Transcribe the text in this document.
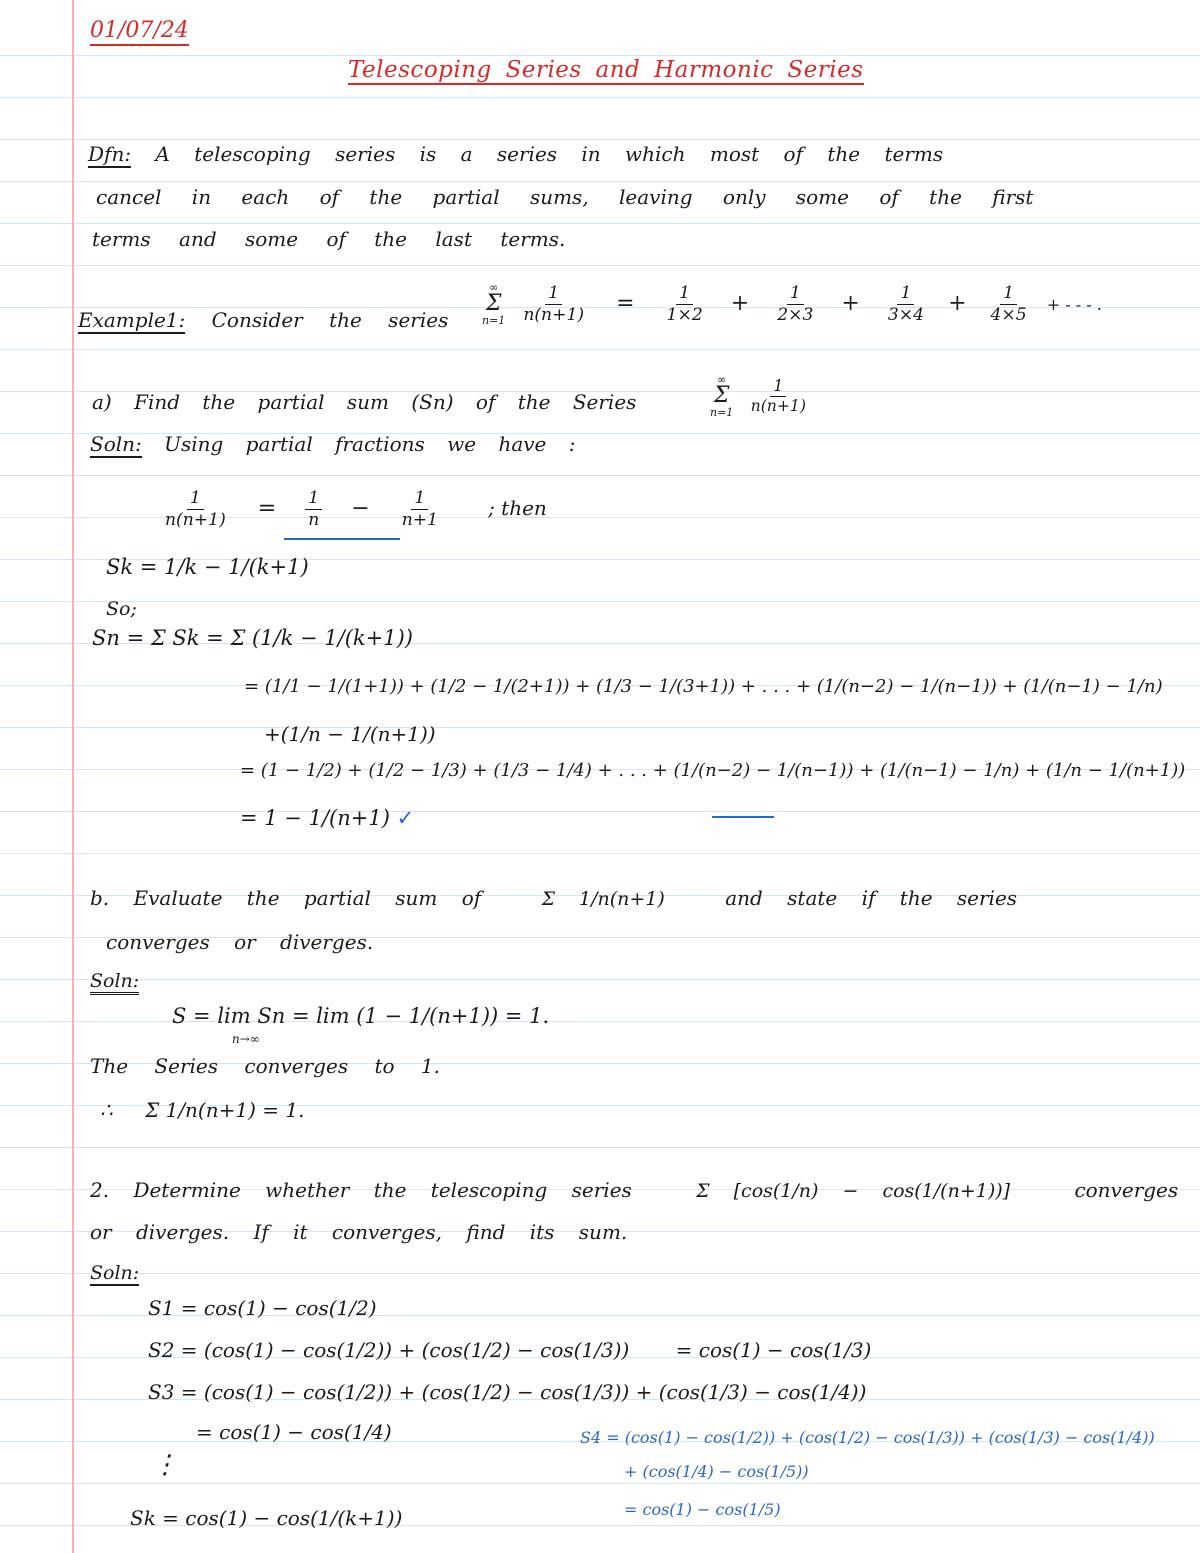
01/07/24
Telescoping Series and Harmonic Series
Dfn: A telescoping series is a series in which most of the terms
cancel in each of the partial sums, leaving only some of the first
terms and some of the last terms.
Example1: Consider the series
∞
Σ
n=1
$\frac{1}{n(n+1)} = \frac{1}{1\times 2} + \frac{1}{2\times 3} + \frac{1}{3\times 4} + \frac{1}{4\times 5}$ + - - - .
a) Find the partial sum (Sn) of the Series
∞
Σ
n=1
$\frac{1}{n(n+1)}$
Soln: Using partial fractions we have :
$\frac{1}{n(n+1)} = \frac{1}{n} - \frac{1}{n+1}$ ; then
Sk = 1/k − 1/(k+1)
So;
Sn = Σ Sk = Σ (1/k − 1/(k+1))
= (1/1 − 1/(1+1)) + (1/2 − 1/(2+1)) + (1/3 − 1/(3+1)) + . . . + (1/(n−2) − 1/(n−1)) + (1/(n−1) − 1/n)
+(1/n − 1/(n+1))
= (1 − 1/2) + (1/2 − 1/3) + (1/3 − 1/4) + . . . + (1/(n−2) − 1/(n−1)) + (1/(n−1) − 1/n) + (1/n − 1/(n+1))
= 1 − 1/(n+1) ✓
b. Evaluate the partial sum of	Σ 1/n(n+1)	and state if the series
converges or diverges.
Soln:
S = lim Sn = lim (1 − 1/(n+1)) = 1.
n→∞
The Series converges to 1.
∴ Σ 1/n(n+1) = 1.
2. Determine whether the telescoping series	Σ [cos(1/n) − cos(1/(n+1))]	converges
or diverges. If it converges, find its sum.
Soln:
S1 = cos(1) − cos(1/2)
S2 = (cos(1) − cos(1/2)) + (cos(1/2) − cos(1/3)) = cos(1) − cos(1/3)
S3 = (cos(1) − cos(1/2)) + (cos(1/2) − cos(1/3)) + (cos(1/3) − cos(1/4))
= cos(1) − cos(1/4)
⋮
Sk = cos(1) − cos(1/(k+1))
S4 = (cos(1) − cos(1/2)) + (cos(1/2) − cos(1/3)) + (cos(1/3) − cos(1/4))
+ (cos(1/4) − cos(1/5))
= cos(1) − cos(1/5)
